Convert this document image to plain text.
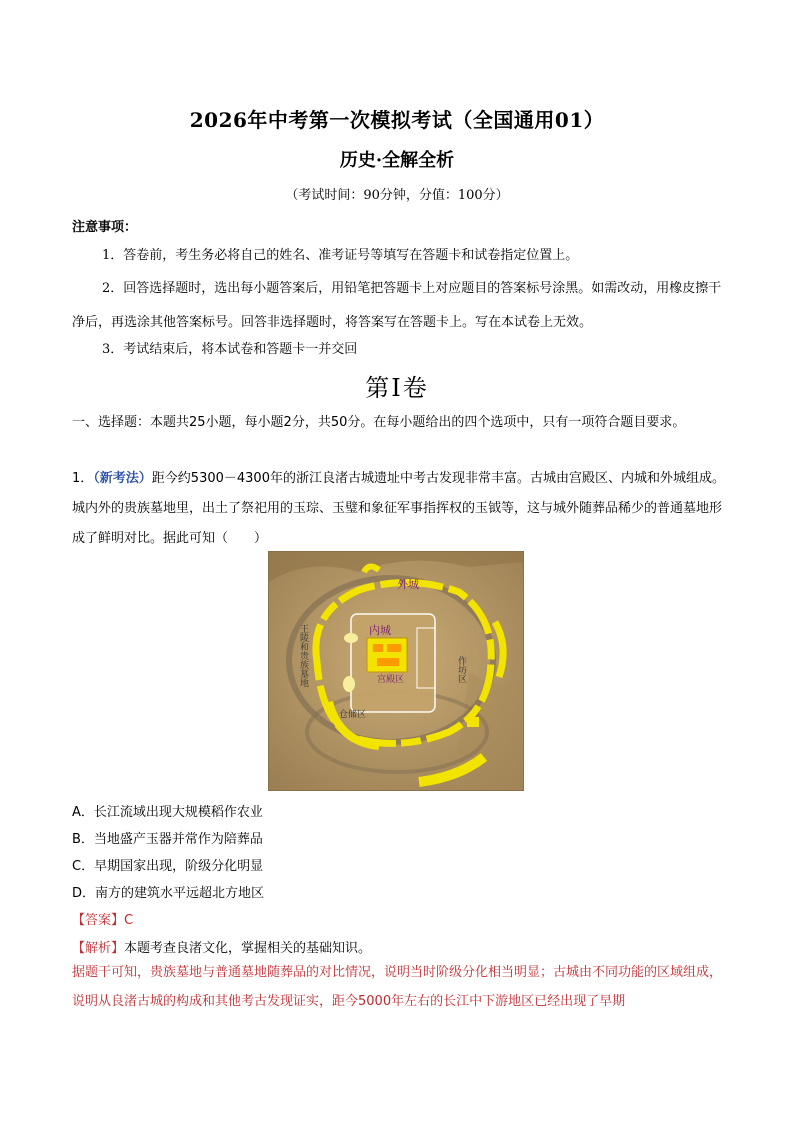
2026年中考第一次模拟考试（全国通用01）
历史·全解全析
（考试时间：90分钟，分值：100分）
注意事项：
1．答卷前，考生务必将自己的姓名、准考证号等填写在答题卡和试卷指定位置上。
2．回答选择题时，选出每小题答案后，用铅笔把答题卡上对应题目的答案标号涂黑。如需改动，用橡皮擦干净后，再选涂其他答案标号。回答非选择题时，将答案写在答题卡上。写在本试卷上无效。
3．考试结束后，将本试卷和答题卡一并交回
第Ⅰ卷
一、选择题：本题共25小题，每小题2分，共50分。在每小题给出的四个选项中，只有一项符合题目要求。
1．（新考法）距今约5300－4300年的浙江良渚古城遗址中考古发现非常丰富。古城由宫殿区、内城和外城组成。城内外的贵族墓地里，出土了祭祀用的玉琮、玉璧和象征军事指挥权的玉钺等，这与城外随葬品稀少的普通墓地形成了鲜明对比。据此可知（　　）
外城
内城
宫殿区
仓储区
作坊区
王陵和贵族墓地
A．长江流域出现大规模稻作农业
B．当地盛产玉器并常作为陪葬品
C．早期国家出现，阶级分化明显
D．南方的建筑水平远超北方地区
【答案】C
【解析】本题考查良渚文化，掌握相关的基础知识。
据题干可知，贵族墓地与普通墓地随葬品的对比情况，说明当时阶级分化相当明显；古城由不同功能的区域组成，说明从良渚古城的构成和其他考古发现证实，距今5000年左右的长江中下游地区已经出现了早期
